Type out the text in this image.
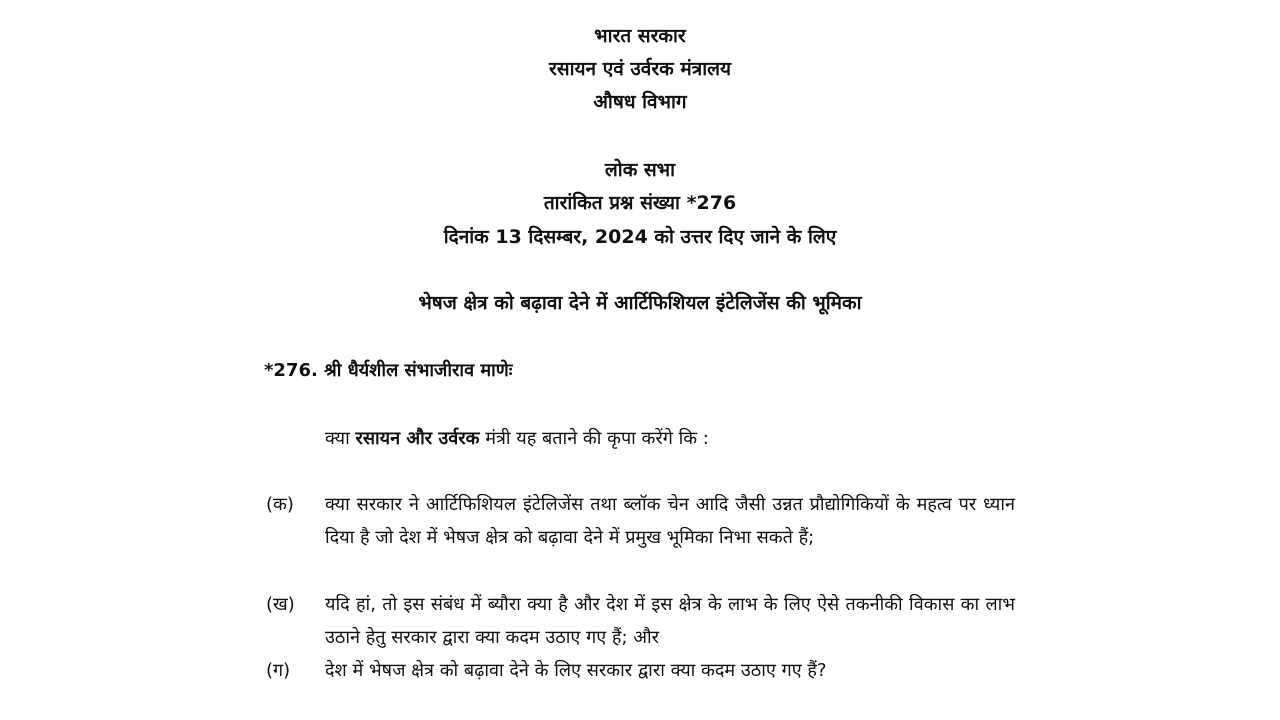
भारत सरकार
रसायन एवं उर्वरक मंत्रालय
औषध विभाग
लोक सभा
तारांकित प्रश्न संख्या *276
दिनांक 13 दिसम्बर, 2024 को उत्तर दिए जाने के लिए
भेषज क्षेत्र को बढ़ावा देने में आर्टिफिशियल इंटेलिजेंस की भूमिका
*276. श्री धैर्यशील संभाजीराव माणेः
क्या रसायन और उर्वरक मंत्री यह बताने की कृपा करेंगे कि :
(क) क्या सरकार ने आर्टिफिशियल इंटेलिजेंस तथा ब्लॉक चेन आदि जैसी उन्नत प्रौद्योगिकियों के महत्व पर ध्यान दिया है जो देश में भेषज क्षेत्र को बढ़ावा देने में प्रमुख भूमिका निभा सकते हैं;
(ख) यदि हां, तो इस संबंध में ब्यौरा क्या है और देश में इस क्षेत्र के लाभ के लिए ऐसे तकनीकी विकास का लाभ उठाने हेतु सरकार द्वारा क्या कदम उठाए गए हैं; और
(ग) देश में भेषज क्षेत्र को बढ़ावा देने के लिए सरकार द्वारा क्या कदम उठाए गए हैं?
